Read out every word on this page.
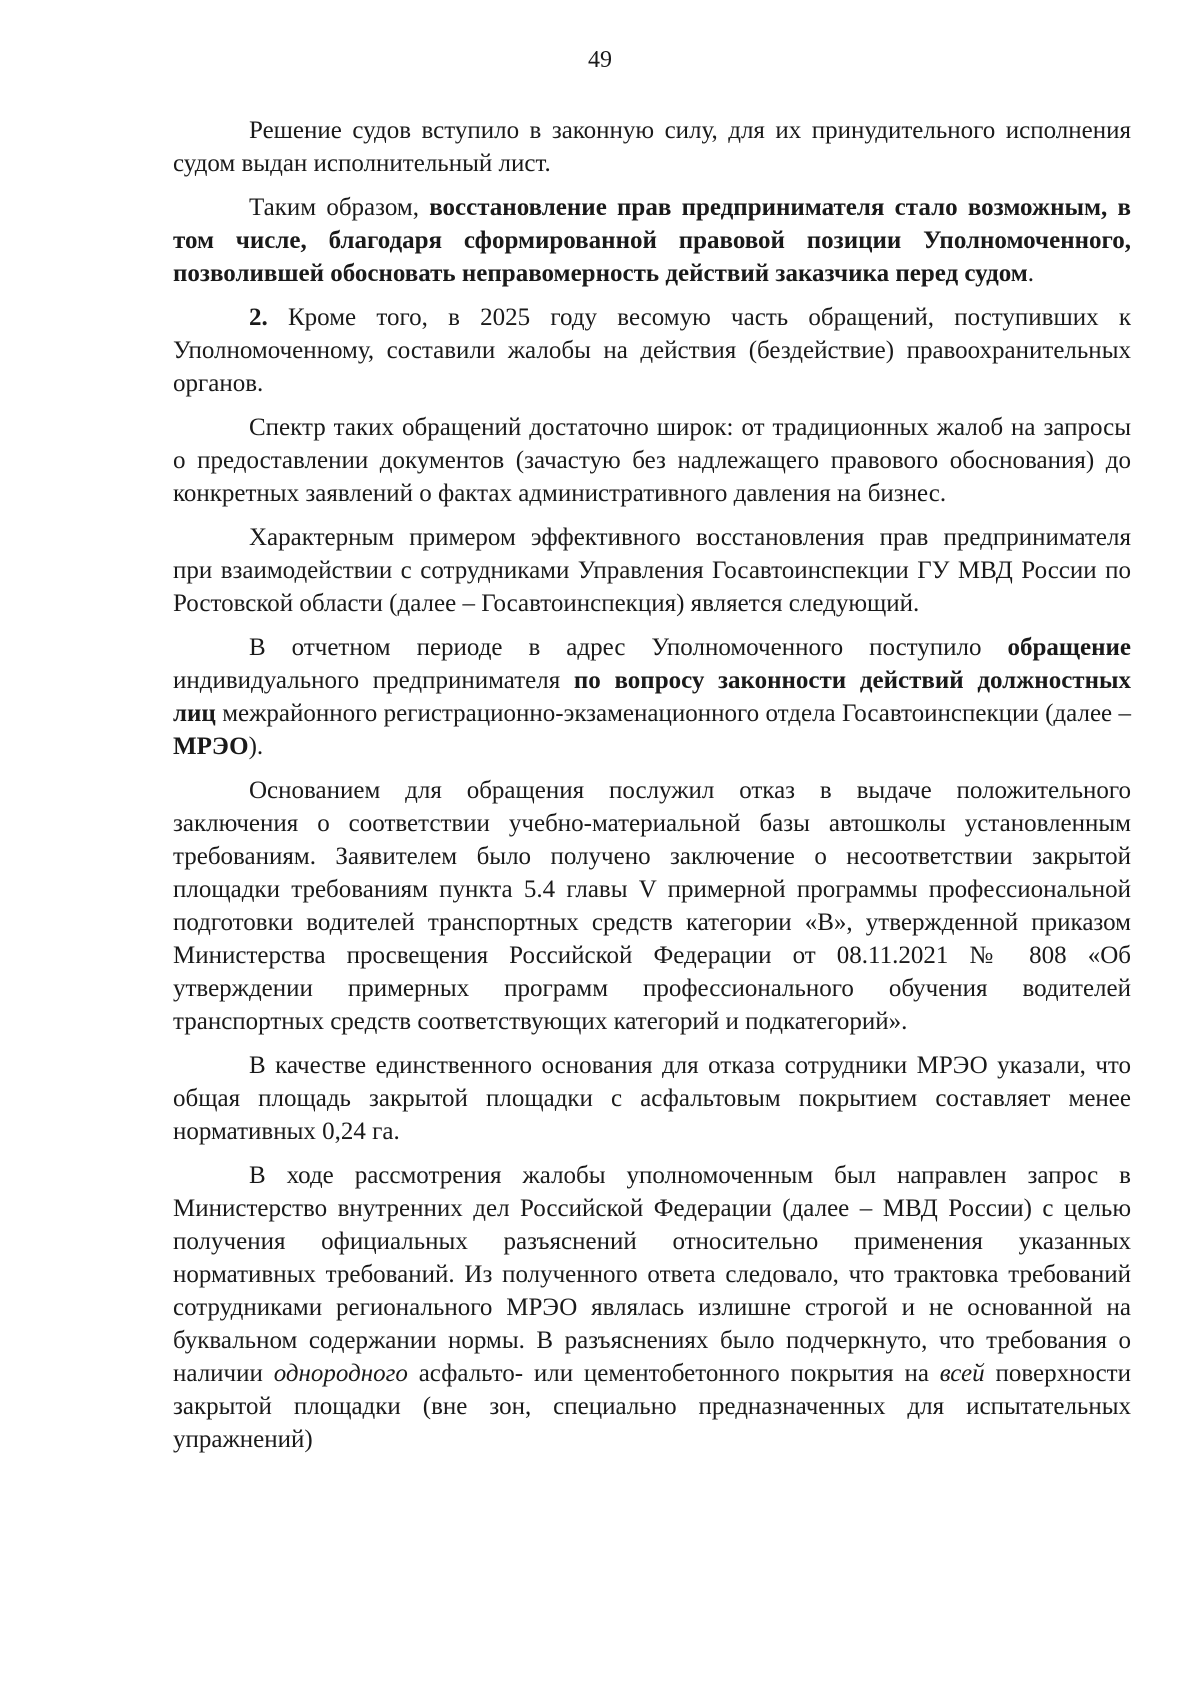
49

Решение судов вступило в законную силу, для их принудительного исполнения судом выдан исполнительный лист.

Таким образом, восстановление прав предпринимателя стало возможным, в том числе, благодаря сформированной правовой позиции Уполномоченного, позволившей обосновать неправомерность действий заказчика перед судом.

2. Кроме того, в 2025 году весомую часть обращений, поступивших к Уполномоченному, составили жалобы на действия (бездействие) правоохранительных органов.

Спектр таких обращений достаточно широк: от традиционных жалоб на запросы о предоставлении документов (зачастую без надлежащего правового обоснования) до конкретных заявлений о фактах административного давления на бизнес.

Характерным примером эффективного восстановления прав предпринимателя при взаимодействии с сотрудниками Управления Госавтоинспекции ГУ МВД России по Ростовской области (далее – Госавтоинспекция) является следующий.

В отчетном периоде в адрес Уполномоченного поступило обращение индивидуального предпринимателя по вопросу законности действий должностных лиц межрайонного регистрационно-экзаменационного отдела Госавтоинспекции (далее – МРЭО).

Основанием для обращения послужил отказ в выдаче положительного заключения о соответствии учебно-материальной базы автошколы установленным требованиям. Заявителем было получено заключение о несоответствии закрытой площадки требованиям пункта 5.4 главы V примерной программы профессиональной подготовки водителей транспортных средств категории «B», утвержденной приказом Министерства просвещения Российской Федерации от 08.11.2021 № 808 «Об утверждении примерных программ профессионального обучения водителей транспортных средств соответствующих категорий и подкатегорий».

В качестве единственного основания для отказа сотрудники МРЭО указали, что общая площадь закрытой площадки с асфальтовым покрытием составляет менее нормативных 0,24 га.

В ходе рассмотрения жалобы уполномоченным был направлен запрос в Министерство внутренних дел Российской Федерации (далее – МВД России) с целью получения официальных разъяснений относительно применения указанных нормативных требований. Из полученного ответа следовало, что трактовка требований сотрудниками регионального МРЭО являлась излишне строгой и не основанной на буквальном содержании нормы. В разъяснениях было подчеркнуто, что требования о наличии однородного асфальто- или цементобетонного покрытия на всей поверхности закрытой площадки (вне зон, специально предназначенных для испытательных упражнений)
